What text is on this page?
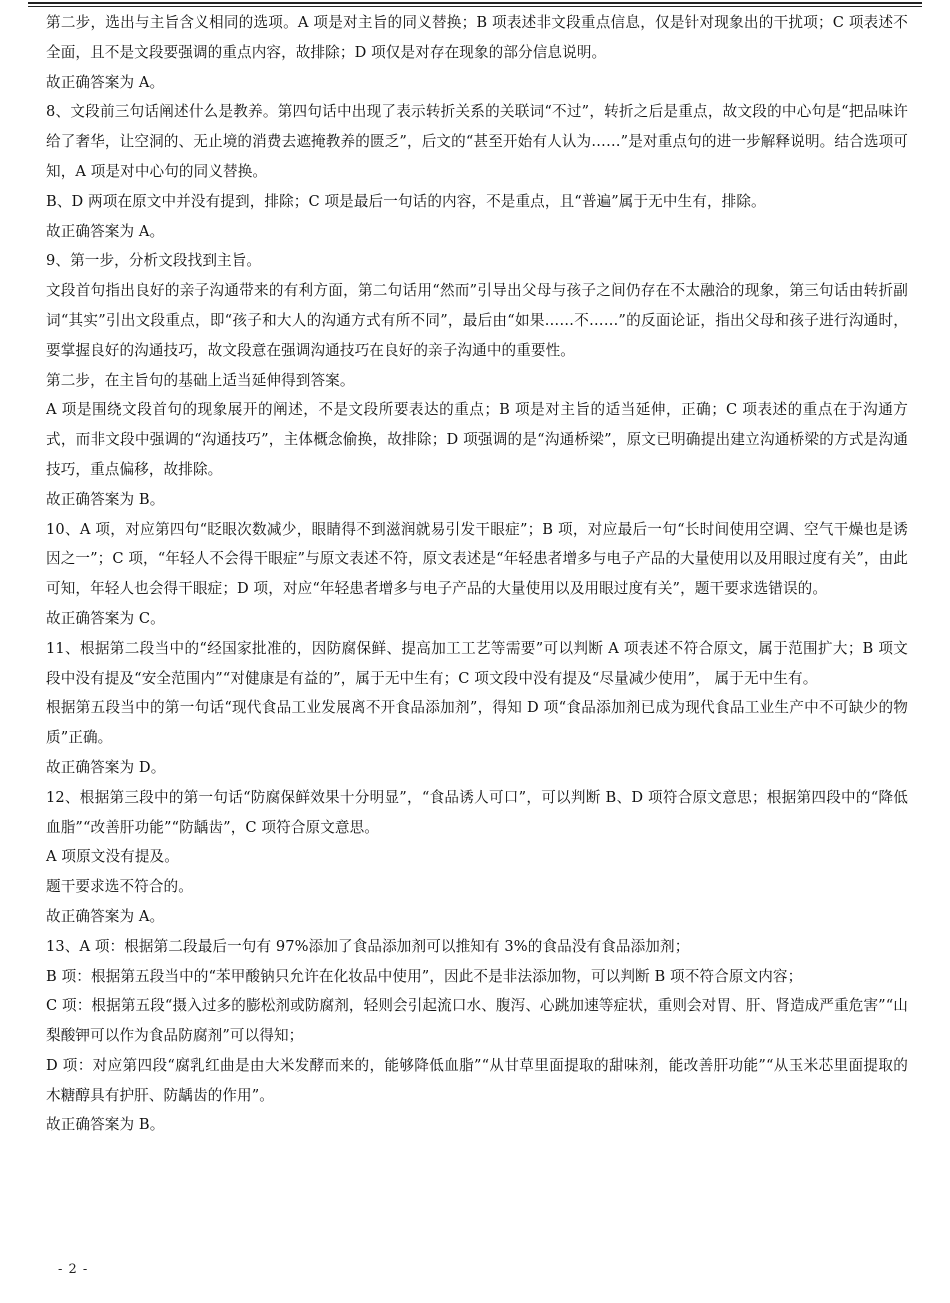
第二步，选出与主旨含义相同的选项。A 项是对主旨的同义替换；B 项表述非文段重点信息，仅是针对现象出的干扰项；C 项表述不全面，且不是文段要强调的重点内容，故排除；D 项仅是对存在现象的部分信息说明。

故正确答案为 A。

8、文段前三句话阐述什么是教养。第四句话中出现了表示转折关系的关联词“不过”，转折之后是重点，故文段的中心句是“把品味许给了奢华，让空洞的、无止境的消费去遮掩教养的匮乏”，后文的“甚至开始有人认为……”是对重点句的进一步解释说明。结合选项可知，A 项是对中心句的同义替换。

B、D 两项在原文中并没有提到，排除；C 项是最后一句话的内容，不是重点，且“普遍”属于无中生有，排除。

故正确答案为 A。

9、第一步，分析文段找到主旨。

文段首句指出良好的亲子沟通带来的有利方面，第二句话用“然而”引导出父母与孩子之间仍存在不太融洽的现象，第三句话由转折副词“其实”引出文段重点，即“孩子和大人的沟通方式有所不同”，最后由“如果……不……”的反面论证，指出父母和孩子进行沟通时，要掌握良好的沟通技巧，故文段意在强调沟通技巧在良好的亲子沟通中的重要性。

第二步，在主旨句的基础上适当延伸得到答案。

A 项是围绕文段首句的现象展开的阐述，不是文段所要表达的重点；B 项是对主旨的适当延伸，正确；C 项表述的重点在于沟通方式，而非文段中强调的“沟通技巧”，主体概念偷换，故排除；D 项强调的是“沟通桥梁”，原文已明确提出建立沟通桥梁的方式是沟通技巧，重点偏移，故排除。

故正确答案为 B。

10、A 项，对应第四句“眨眼次数减少，眼睛得不到滋润就易引发干眼症”；B 项，对应最后一句“长时间使用空调、空气干燥也是诱因之一”；C 项，“年轻人不会得干眼症”与原文表述不符，原文表述是“年轻患者增多与电子产品的大量使用以及用眼过度有关”，由此可知，年轻人也会得干眼症；D 项，对应“年轻患者增多与电子产品的大量使用以及用眼过度有关”，题干要求选错误的。

故正确答案为 C。

11、根据第二段当中的“经国家批准的，因防腐保鲜、提高加工工艺等需要”可以判断 A 项表述不符合原文，属于范围扩大；B 项文段中没有提及“安全范围内”“对健康是有益的”，属于无中生有；C 项文段中没有提及“尽量减少使用”， 属于无中生有。

根据第五段当中的第一句话“现代食品工业发展离不开食品添加剂”，得知 D 项“食品添加剂已成为现代食品工业生产中不可缺少的物质”正确。

故正确答案为 D。

12、根据第三段中的第一句话“防腐保鲜效果十分明显”，“食品诱人可口”，可以判断 B、D 项符合原文意思；根据第四段中的“降低血脂”“改善肝功能”“防龋齿”，C 项符合原文意思。

A 项原文没有提及。

题干要求选不符合的。

故正确答案为 A。

13、A 项：根据第二段最后一句有 97%添加了食品添加剂可以推知有 3%的食品没有食品添加剂；

B 项：根据第五段当中的“苯甲酸钠只允许在化妆品中使用”，因此不是非法添加物，可以判断 B 项不符合原文内容；

C 项：根据第五段“摄入过多的膨松剂或防腐剂，轻则会引起流口水、腹泻、心跳加速等症状，重则会对胃、肝、肾造成严重危害”“山梨酸钾可以作为食品防腐剂”可以得知；

D 项：对应第四段“腐乳红曲是由大米发酵而来的，能够降低血脂”“从甘草里面提取的甜味剂，能改善肝功能”“从玉米芯里面提取的木糖醇具有护肝、防龋齿的作用”。

故正确答案为 B。

- 2 -
